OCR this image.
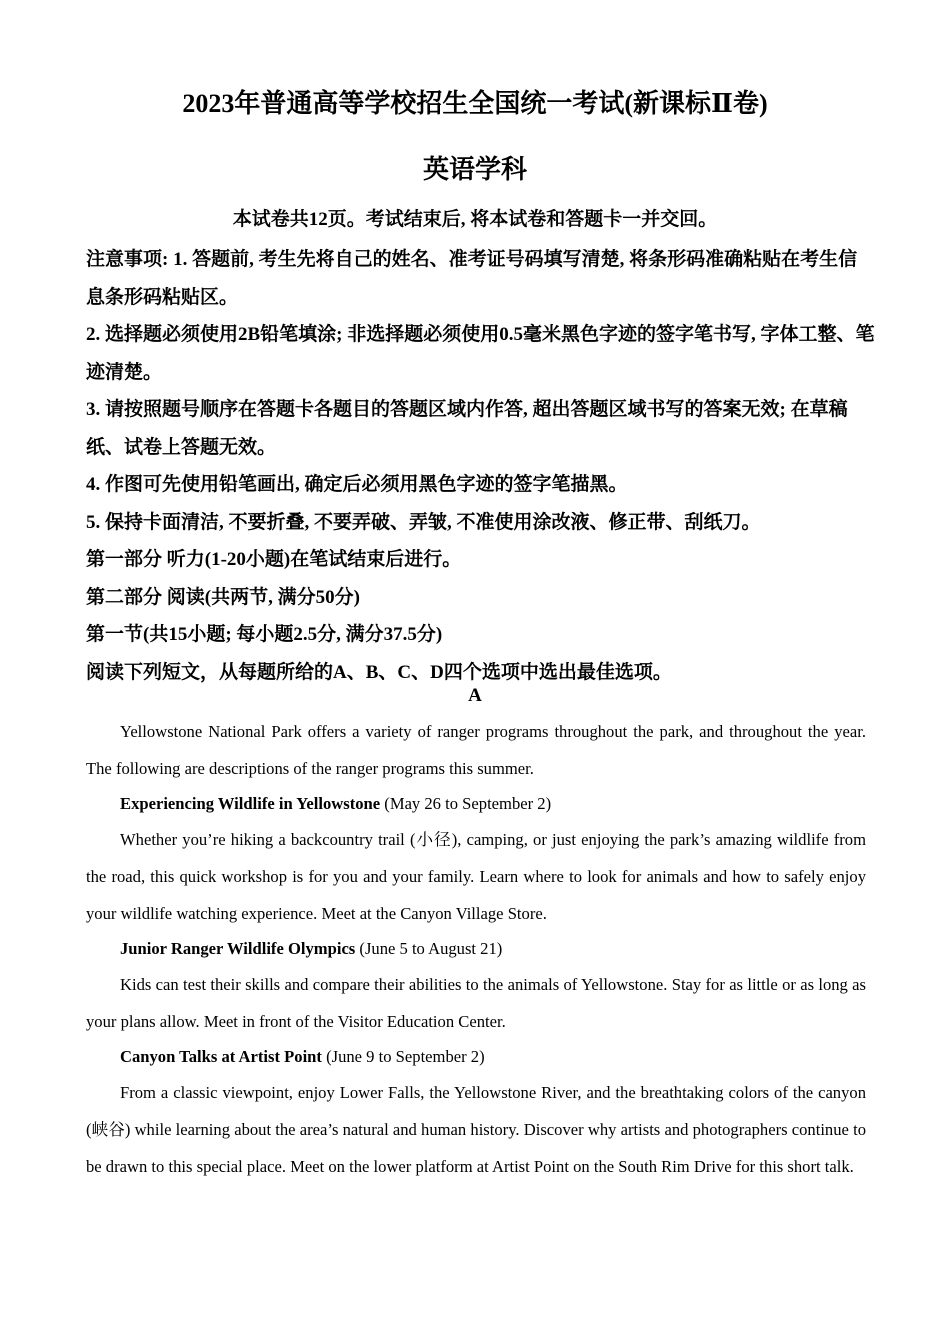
2023年普通高等学校招生全国统一考试(新课标Ⅱ卷)
英语学科
本试卷共12页。考试结束后, 将本试卷和答题卡一并交回。

注意事项: 1. 答题前, 考生先将自己的姓名、准考证号码填写清楚, 将条形码准确粘贴在考生信息条形码粘贴区。

2. 选择题必须使用2B铅笔填涂; 非选择题必须使用0.5毫米黑色字迹的签字笔书写, 字体工整、笔迹清楚。

3. 请按照题号顺序在答题卡各题目的答题区域内作答, 超出答题区域书写的答案无效; 在草稿纸、试卷上答题无效。

4. 作图可先使用铅笔画出, 确定后必须用黑色字迹的签字笔描黑。

5. 保持卡面清洁, 不要折叠, 不要弄破、弄皱, 不准使用涂改液、修正带、刮纸刀。

第一部分 听力(1-20小题)在笔试结束后进行。

第二部分 阅读(共两节, 满分50分)

第一节(共15小题; 每小题2.5分, 满分37.5分)

阅读下列短文，从每题所给的A、B、C、D四个选项中选出最佳选项。

A

Yellowstone National Park offers a variety of ranger programs throughout the park, and throughout the year. The following are descriptions of the ranger programs this summer.

Experiencing Wildlife in Yellowstone (May 26 to September 2)

Whether you’re hiking a backcountry trail (小径), camping, or just enjoying the park’s amazing wildlife from the road, this quick workshop is for you and your family. Learn where to look for animals and how to safely enjoy your wildlife watching experience. Meet at the Canyon Village Store.

Junior Ranger Wildlife Olympics (June 5 to August 21)

Kids can test their skills and compare their abilities to the animals of Yellowstone. Stay for as little or as long as your plans allow. Meet in front of the Visitor Education Center.

Canyon Talks at Artist Point (June 9 to September 2)

From a classic viewpoint, enjoy Lower Falls, the Yellowstone River, and the breathtaking colors of the canyon (峡谷) while learning about the area’s natural and human history. Discover why artists and photographers continue to be drawn to this special place. Meet on the lower platform at Artist Point on the South Rim Drive for this short talk.
